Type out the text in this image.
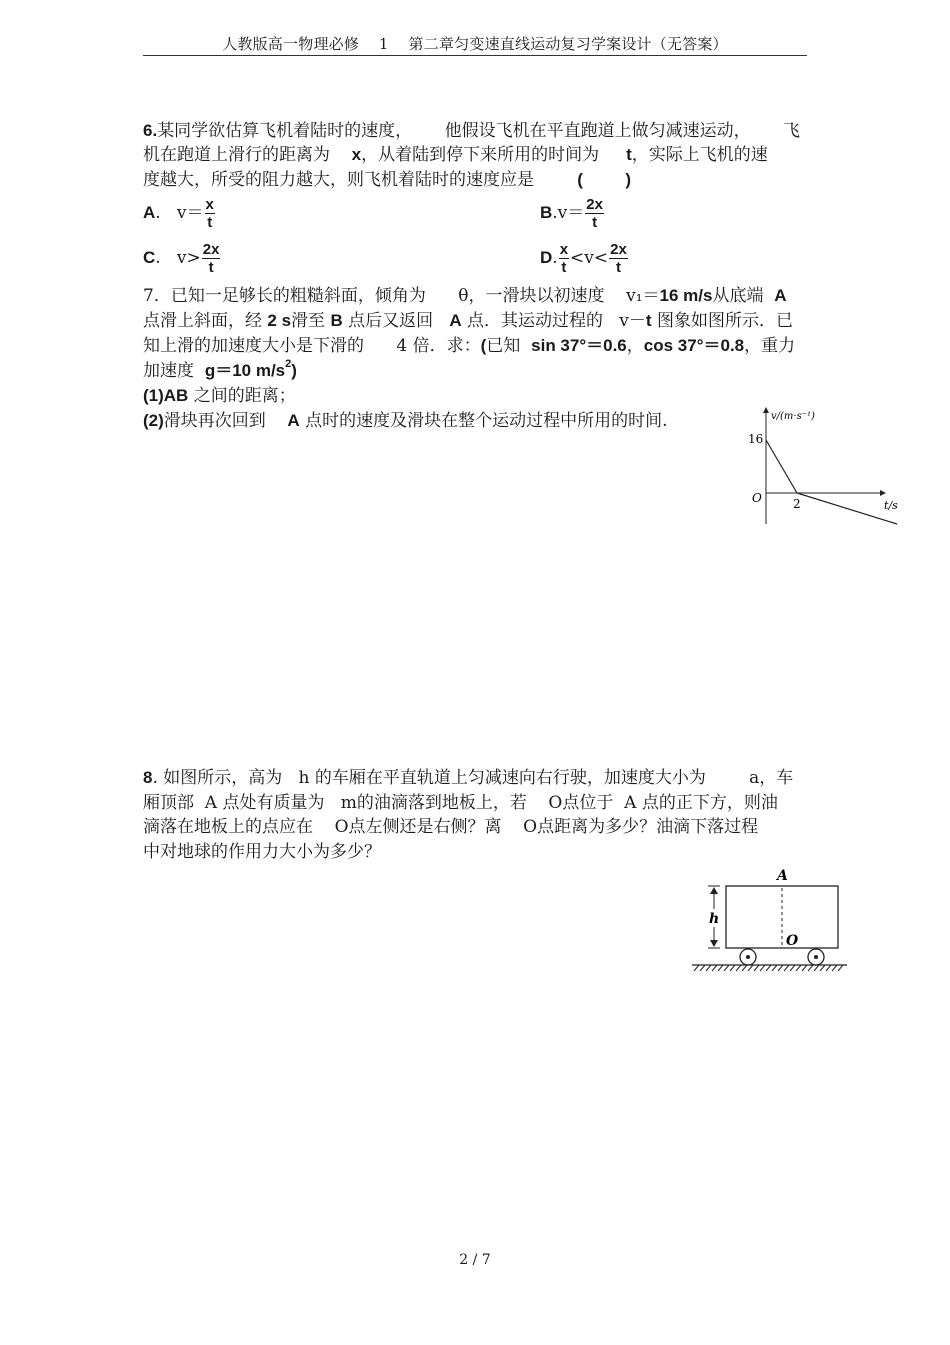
人教版高一物理必修    1    第二章匀变速直线运动复习学案设计（无答案）
6.某同学欲估算飞机着陆时的速度，      他假设飞机在平直跑道上做匀减速运动，      飞
机在跑道上滑行的距离为    x，从着陆到停下来所用的时间为     t，实际上飞机的速
度越大，所受的阻力越大，则飞机着陆时的速度应是        (         )
A.   $v= \frac{x}{t}$	$B.v= \frac{2x}{t}$
C.   $v> \frac{2x}{t}$	D. $\frac{x}{t} <v< \frac{2x}{t}$
7．已知一足够长的粗糙斜面，倾角为      θ，一滑块以初速度    v₁＝16 m/s从底端  A
点滑上斜面，经 2 s滑至 B 点后又返回   A 点．其运动过程的   v－t 图象如图所示．已
知上滑的加速度大小是下滑的      4 倍．求：(已知  sin 37°＝0.6，cos 37°＝0.8，重力
加速度  g＝10 $m/s^2$)
(1)AB 之间的距离；
(2)滑块再次回到    A 点时的速度及滑块在整个运动过程中所用的时间.	v/(m·s⁻¹)
t/s
O
16
2
8. 如图所示，高为   h 的车厢在平直轨道上匀减速向右行驶，加速度大小为        a，车
厢顶部  A 点处有质量为   m的油滴落到地板上，若    O点位于  A 点的正下方，则油
滴落在地板上的点应在    O点左侧还是右侧？离    O点距离为多少？油滴下落过程
中对地球的作用力大小为多少？
h
A
O
2 / 7
